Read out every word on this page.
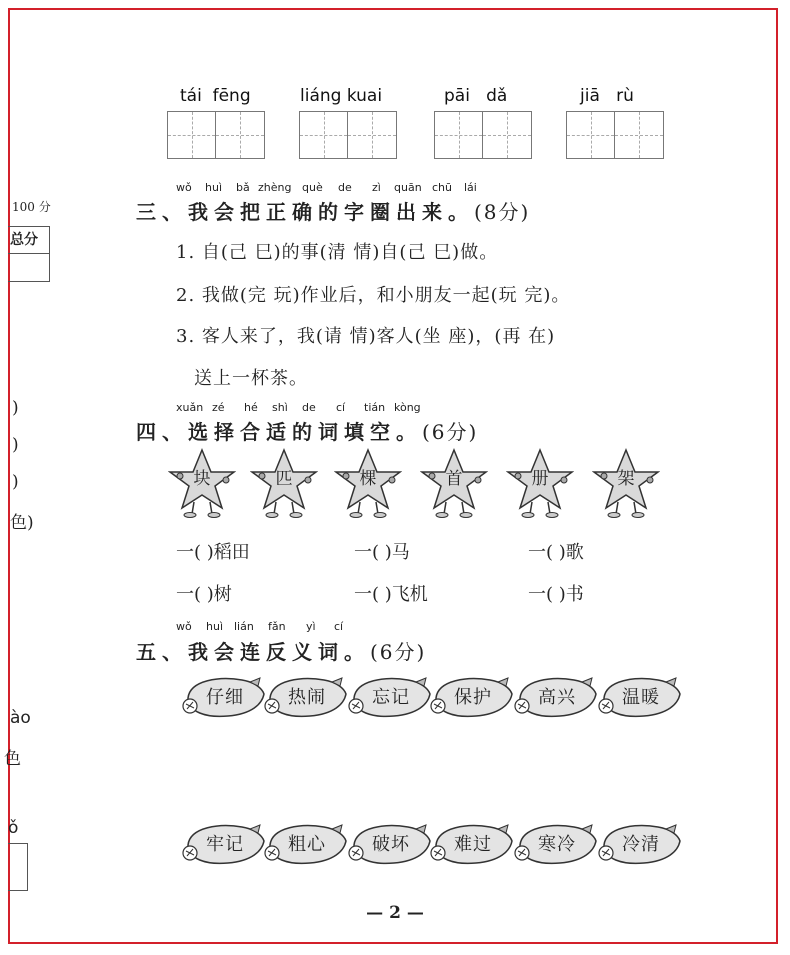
100 分
总分
)
)
)
色)
ào
色
ǒ
tái  fēng	liáng kuai	pāi   dǎ	jiā   rù
wǒ huì bǎ zhèng què de zì quān chū lái
三、我会把正确的字圈出来。(8分)
1. 自(己 巳)的事(清 情)自(己 巳)做。
2. 我做(完 玩)作业后，和小朋友一起(玩 完)。
3. 客人来了，我(请 情)客人(坐 座)，(再 在)
送上一杯茶。
xuǎn zé hé shì de cí tián kòng
四、选择合适的词填空。(6分)
块	匹	棵	首	册	架
一( )稻田	一( )马	一( )歌
一( )树	一( )飞机	一( )书
wǒ huì lián fǎn yì cí
五、我会连反义词。(6分)
仔细	热闹	忘记	保护	高兴	温暖
牢记	粗心	破坏	难过	寒冷	冷清
— 2 —
